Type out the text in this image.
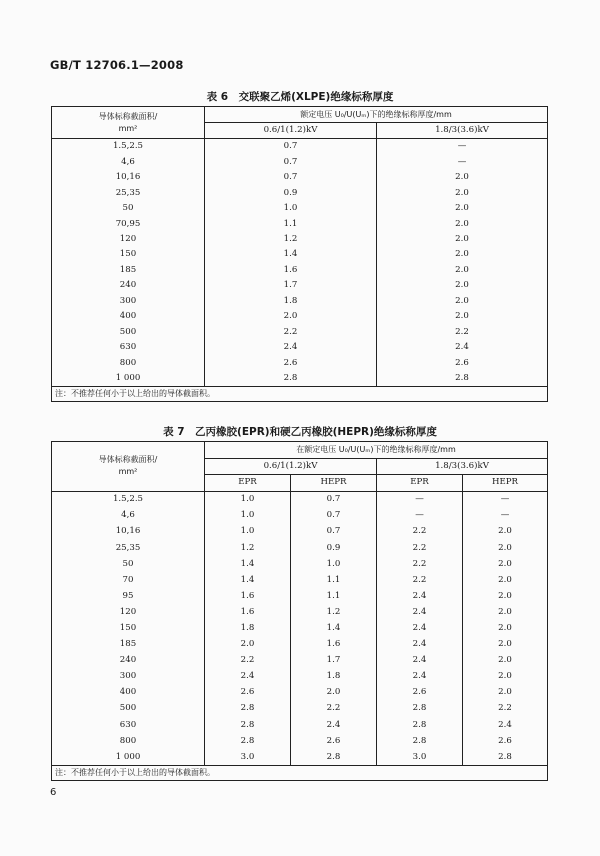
GB/T 12706.1—2008
表 6　交联聚乙烯(XLPE)绝缘标称厚度
导体标称截面积/
mm²	额定电压 U₀/U(Uₘ)下的绝缘标称厚度/mm	
	0.6/1(1.2)kV	1.8/3(3.6)kV
1.5,2.5	0.7	—
4,6	0.7	—
10,16	0.7	2.0
25,35	0.9	2.0
50	1.0	2.0
70,95	1.1	2.0
120	1.2	2.0
150	1.4	2.0
185	1.6	2.0
240	1.7	2.0
300	1.8	2.0
400	2.0	2.0
500	2.2	2.2
630	2.4	2.4
800	2.6	2.6
1 000	2.8	2.8
注：不推荐任何小于以上给出的导体截面积。		
表 7　乙丙橡胶(EPR)和硬乙丙橡胶(HEPR)绝缘标称厚度
导体标称截面积/
mm²	在额定电压 U₀/U(Uₘ)下的绝缘标称厚度/mm			
	0.6/1(1.2)kV		1.8/3(3.6)kV	
	EPR	HEPR	EPR	HEPR
1.5,2.5	1.0	0.7	—	—
4,6	1.0	0.7	—	—
10,16	1.0	0.7	2.2	2.0
25,35	1.2	0.9	2.2	2.0
50	1.4	1.0	2.2	2.0
70	1.4	1.1	2.2	2.0
95	1.6	1.1	2.4	2.0
120	1.6	1.2	2.4	2.0
150	1.8	1.4	2.4	2.0
185	2.0	1.6	2.4	2.0
240	2.2	1.7	2.4	2.0
300	2.4	1.8	2.4	2.0
400	2.6	2.0	2.6	2.0
500	2.8	2.2	2.8	2.2
630	2.8	2.4	2.8	2.4
800	2.8	2.6	2.8	2.6
1 000	3.0	2.8	3.0	2.8
注：不推荐任何小于以上给出的导体截面积。				
6
